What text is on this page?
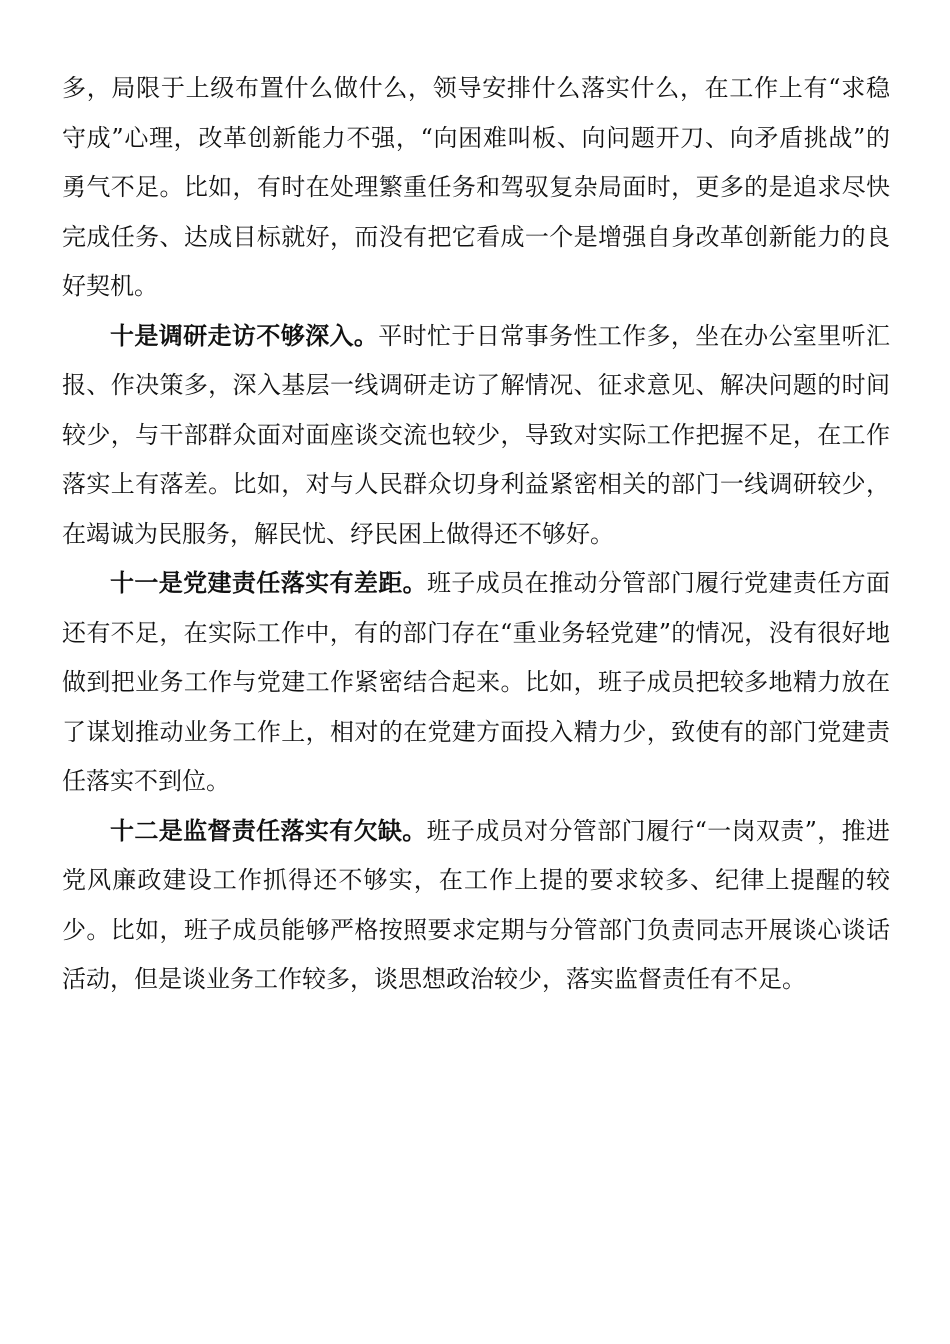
多，局限于上级布置什么做什么，领导安排什么落实什么，在工作上有“求稳守成”心理，改革创新能力不强，“向困难叫板、向问题开刀、向矛盾挑战”的勇气不足。比如，有时在处理繁重任务和驾驭复杂局面时，更多的是追求尽快完成任务、达成目标就好，而没有把它看成一个是增强自身改革创新能力的良好契机。

十是调研走访不够深入。平时忙于日常事务性工作多，坐在办公室里听汇报、作决策多，深入基层一线调研走访了解情况、征求意见、解决问题的时间较少，与干部群众面对面座谈交流也较少，导致对实际工作把握不足，在工作落实上有落差。比如，对与人民群众切身利益紧密相关的部门一线调研较少，在竭诚为民服务，解民忧、纾民困上做得还不够好。

十一是党建责任落实有差距。班子成员在推动分管部门履行党建责任方面还有不足，在实际工作中，有的部门存在“重业务轻党建”的情况，没有很好地做到把业务工作与党建工作紧密结合起来。比如，班子成员把较多地精力放在了谋划推动业务工作上，相对的在党建方面投入精力少，致使有的部门党建责任落实不到位。

十二是监督责任落实有欠缺。班子成员对分管部门履行“一岗双责”，推进党风廉政建设工作抓得还不够实，在工作上提的要求较多、纪律上提醒的较少。比如，班子成员能够严格按照要求定期与分管部门负责同志开展谈心谈话活动，但是谈业务工作较多，谈思想政治较少，落实监督责任有不足。
